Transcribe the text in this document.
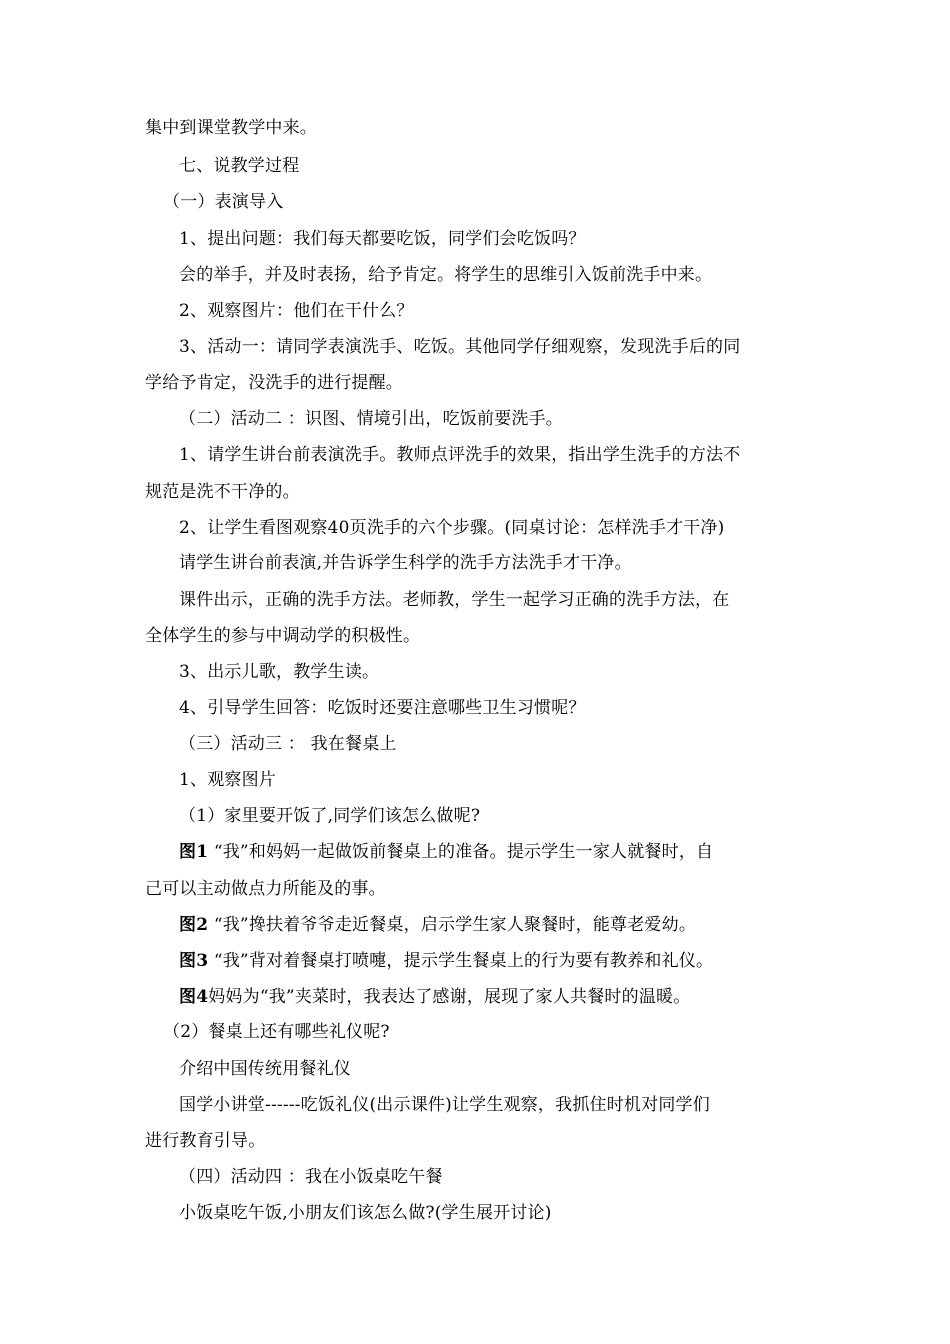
集中到课堂教学中来。
七、说教学过程
（一）表演导入
1、提出问题：我们每天都要吃饭，同学们会吃饭吗？
会的举手，并及时表扬，给予肯定。将学生的思维引入饭前洗手中来。
2、观察图片：他们在干什么？
3、活动一：请同学表演洗手、吃饭。其他同学仔细观察，发现洗手后的同
学给予肯定，没洗手的进行提醒。
（二）活动二 ：识图、情境引出，吃饭前要洗手。
1、请学生讲台前表演洗手。教师点评洗手的效果，指出学生洗手的方法不
规范是洗不干净的。
2、让学生看图观察40页洗手的六个步骤。(同桌讨论：怎样洗手才干净)
请学生讲台前表演,并告诉学生科学的洗手方法洗手才干净。
课件出示，正确的洗手方法。老师教，学生一起学习正确的洗手方法，在
全体学生的参与中调动学的积极性。
3、出示儿歌，教学生读。
4、引导学生回答：吃饭时还要注意哪些卫生习惯呢？
（三）活动三 ： 我在餐桌上
1、观察图片
（1）家里要开饭了,同学们该怎么做呢?
图1 “我”和妈妈一起做饭前餐桌上的准备。提示学生一家人就餐时，自
己可以主动做点力所能及的事。
图2 “我”搀扶着爷爷走近餐桌，启示学生家人聚餐时，能尊老爱幼。
图3 “我”背对着餐桌打喷嚏，提示学生餐桌上的行为要有教养和礼仪。
图4妈妈为“我”夹菜时，我表达了感谢，展现了家人共餐时的温暖。
（2）餐桌上还有哪些礼仪呢?
介绍中国传统用餐礼仪
国学小讲堂------吃饭礼仪(出示课件)让学生观察，我抓住时机对同学们
进行教育引导。
（四）活动四 ：我在小饭桌吃午餐
小饭桌吃午饭,小朋友们该怎么做?(学生展开讨论)
